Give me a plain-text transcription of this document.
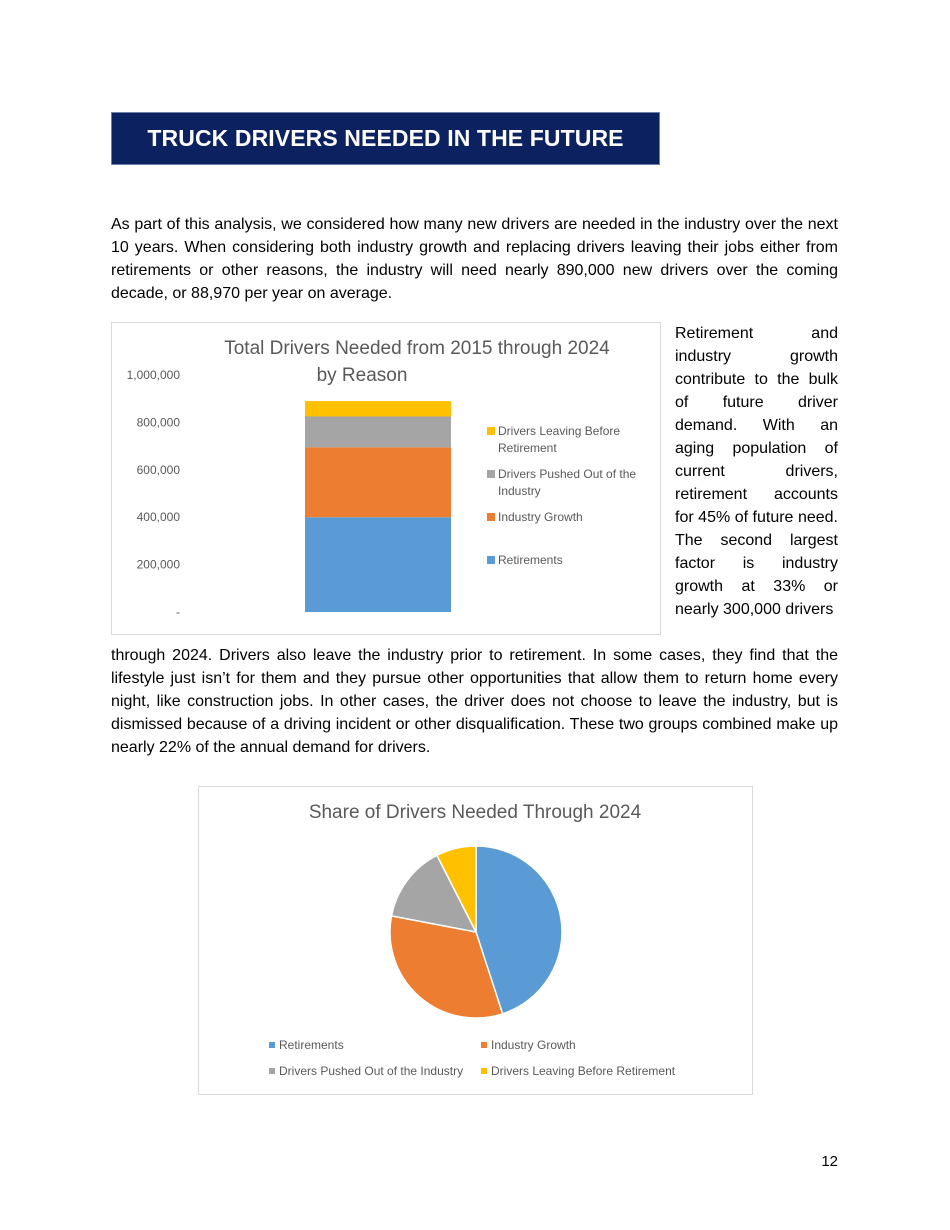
TRUCK DRIVERS NEEDED IN THE FUTURE

As part of this analysis, we considered how many new drivers are needed in the industry over the next 10 years. When considering both industry growth and replacing drivers leaving their jobs either from retirements or other reasons, the industry will need nearly 890,000 new drivers over the coming decade, or 88,970 per year on average.

Total Drivers Needed from 2015 through 2024
by Reason
-
200,000
400,000
600,000
800,000
1,000,000
Drivers Leaving Before
Retirement
Drivers Pushed Out of the
Industry
Industry Growth
Retirements

Retirement and industry growth contribute to the bulk of future driver demand. With an aging population of current drivers, retirement accounts for 45% of future need. The second largest factor is industry growth at 33% or nearly 300,000 drivers

through 2024. Drivers also leave the industry prior to retirement. In some cases, they find that the lifestyle just isn’t for them and they pursue other opportunities that allow them to return home every night, like construction jobs. In other cases, the driver does not choose to leave the industry, but is dismissed because of a driving incident or other disqualification. These two groups combined make up nearly 22% of the annual demand for drivers.

Share of Drivers Needed Through 2024
Retirements	Industry Growth
Drivers Pushed Out of the Industry Drivers Leaving Before Retirement
12
